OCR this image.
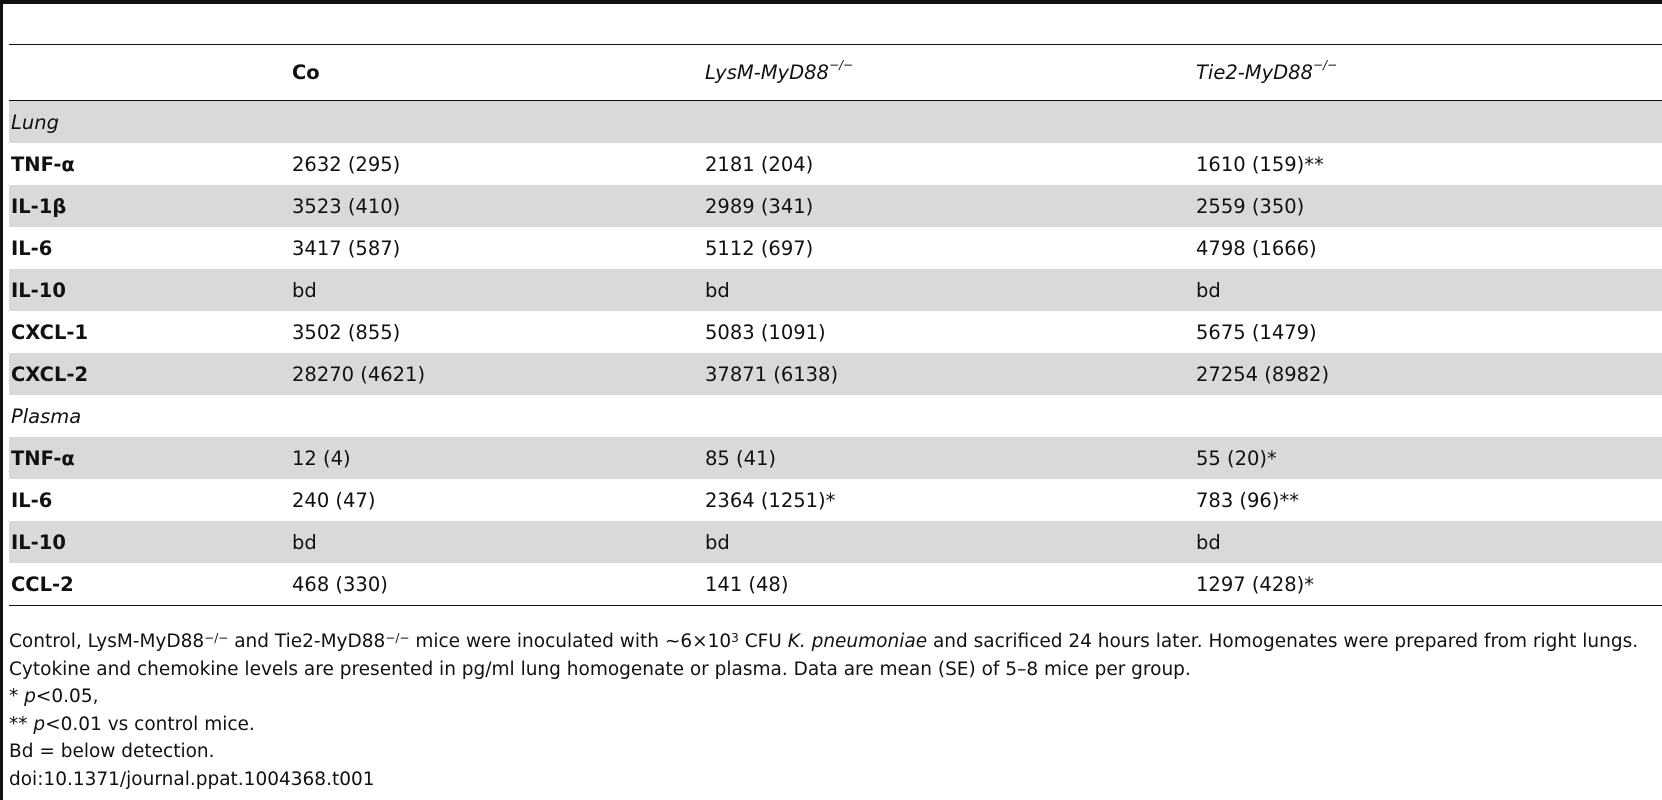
	Co	LysM-MyD88−/−	Tie2-MyD88−/−
Lung			
TNF-α	2632 (295)	2181 (204)	1610 (159)**
IL-1β	3523 (410)	2989 (341)	2559 (350)
IL-6	3417 (587)	5112 (697)	4798 (1666)
IL-10	bd	bd	bd
CXCL-1	3502 (855)	5083 (1091)	5675 (1479)
CXCL-2	28270 (4621)	37871 (6138)	27254 (8982)
Plasma			
TNF-α	12 (4)	85 (41)	55 (20)*
IL-6	240 (47)	2364 (1251)*	783 (96)**
IL-10	bd	bd	bd
CCL-2	468 (330)	141 (48)	1297 (428)*
Control, LysM-MyD88−/− and Tie2-MyD88−/− mice were inoculated with $\sim 6\times 10^3$ CFU K. pneumoniae and sacrificed 24 hours later. Homogenates were prepared from right lungs. Cytokine and chemokine levels are presented in pg/ml lung homogenate or plasma. Data are mean (SE) of 5–8 mice per group.
* p<0.05,
** p<0.01 vs control mice.
Bd = below detection.
doi:10.1371/journal.ppat.1004368.t001
